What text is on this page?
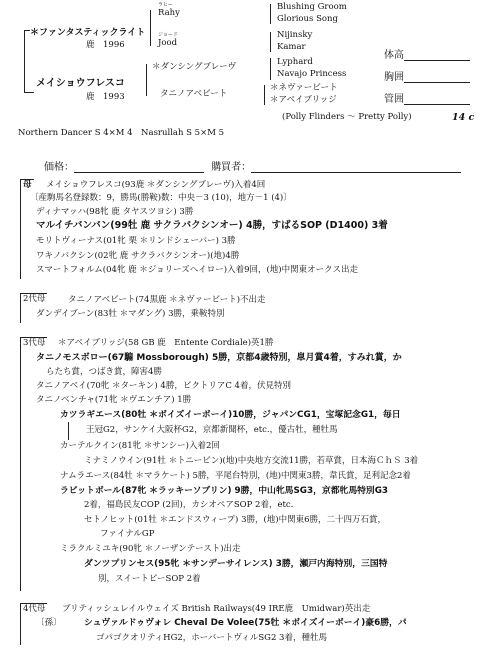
＊ファンタスティックライト
鹿　1996
ラヒー
Rahy
ジョード
Jood
Blushing Groom
Glorious Song
Nijinsky
Kamar
メイショウフレスコ
鹿　1993
＊ダンシングブレーヴ
タニノアベビート
Lyphard
Navajo Princess
＊ネヴァービート
＊アベイブリッジ
(Polly Flinders ～ Pretty Polly)	14 c
Northern Dancer S 4×M 4　Nasrullah S 5×M 5
体高
胸囲
管囲
価格：	購買者：
母 メイショウフレスコ(93鹿 ＊ダンシングブレーヴ)入着4回
〔産駒馬名登録数：9，勝馬(勝鞍)数：中央－3 (10)，地方－1 (4)〕
ディナマッハ(98牝 鹿 タヤスツヨシ) 3勝
マルイチバンバン(99牡 鹿 サクラバクシンオー) 4勝，すばるSOP (D1400) 3着
モリトヴィーナス(01牝 栗 ＊リンドシェーバー) 3勝
ワキノバクシン(02牝 鹿 サクラバクシンオー)(地)4勝
スマートフォルム(04牝 鹿 ＊ジョリーズヘイロー)入着9回，(地)中関東オークス出走
2代母	タニノアベビート(74黒鹿 ＊ネヴァービート)不出走
ダンデイブーン(83牡 ＊マダング) 3勝，乗鞍特別
3代母 ＊アベイブリッジ(58 GB 鹿　Entente Cordiale)英1勝
タニノモスボロー(67騸 Mossborough) 5勝，京都4歳特別，皐月賞4着，すみれ賞，か
らたち賞，つばき賞，障害4勝
タニノアベイ(70牝 ＊ターキン) 4勝，ビクトリアC 4着，伏見特別
タニノベンチャ(71牝 ＊ヴエンチア) 1勝
カツラギエース(80牡 ＊ボイズイーボーイ)10勝，ジャパンCG1，宝塚記念G1，毎日
王冠G2，サンケイ大阪杯G2，京都新聞杯，etc.，優古牡，種牡馬
カーテルクイン(81牝 ＊サンシー)入着2回
ミナミノウイン(91牡 ＊トニービン)(地)中央地方交流11勝，若草賞，日本海ＣｈＳ 3着
ナムラエース(84牡 ＊マラケート) 5勝，平尾台特別，(地)中関東3勝，韋氏賞，足利記念2着
ラビットボール(87牝 ＊ラッキーソブリン) 9勝，中山牝馬SG3，京都牝馬特別G3
2着，福島民友COP (2回)，カシオペアSOP 2着，etc.
セトノヒット(01牡 ＊エンドスウィープ) 3勝，(地)中関東6勝，二十四万石賞，
ファイナルGP
ミラクルミユキ(90牝 ＊ノーザンテースト)出走
ダンツプリンセス(95牝 ＊サンデーサイレンス) 3勝，瀬戸内海特別，三国特
別，スイートピーSOP 2着
4代母 ブリティッシュレイルウェイズ British Railways(49 IRE鹿　Umidwar)英出走
〔孫〕	シュヴァルドゥヴォレ Cheval De Volee(75牡 ＊ボイズイーボーイ)豪6勝，パ
ゴパゴクオリティHG2，ホーバートヴィルSG2 3着，種牡馬
